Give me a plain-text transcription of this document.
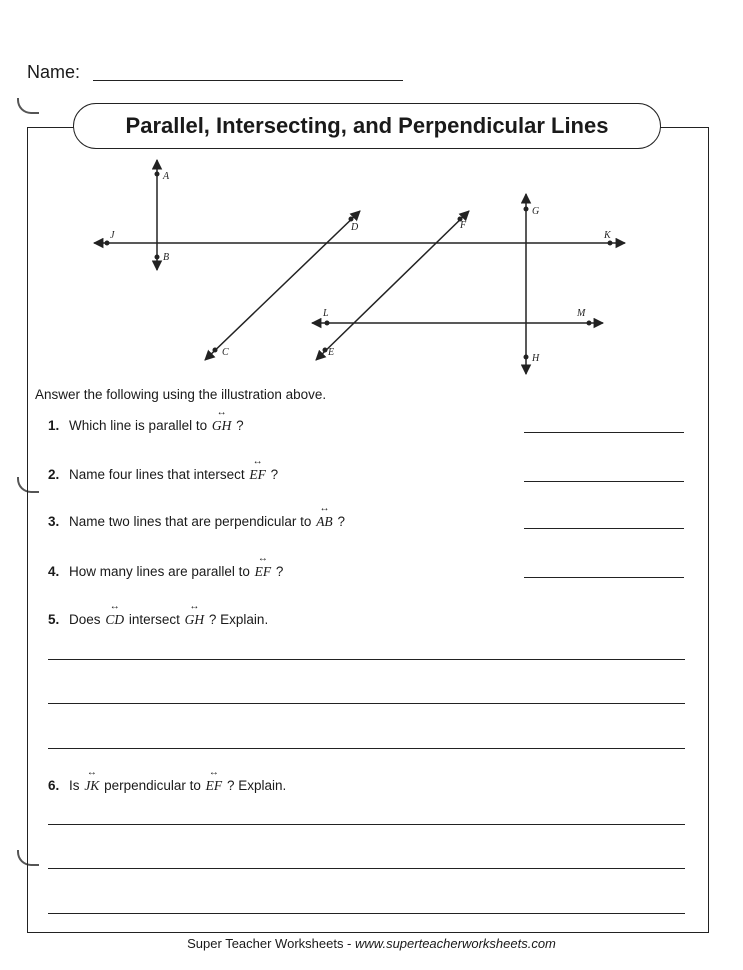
Name:
Parallel, Intersecting, and Perpendicular Lines
A
B
J	K
D
C
F
E
G
H
L	M
Answer the following using the illustration above.
1. Which line is parallel to ↔ GH ?
2. Name four lines that intersect ↔ EF ?
3. Name two lines that are perpendicular to ↔ AB ?
4. How many lines are parallel to ↔ EF ?
5. Does ↔ CD intersect ↔ GH ? Explain.
6. Is ↔ JK perpendicular to ↔ EF ? Explain.
Super Teacher Worksheets - www.superteacherworksheets.com
